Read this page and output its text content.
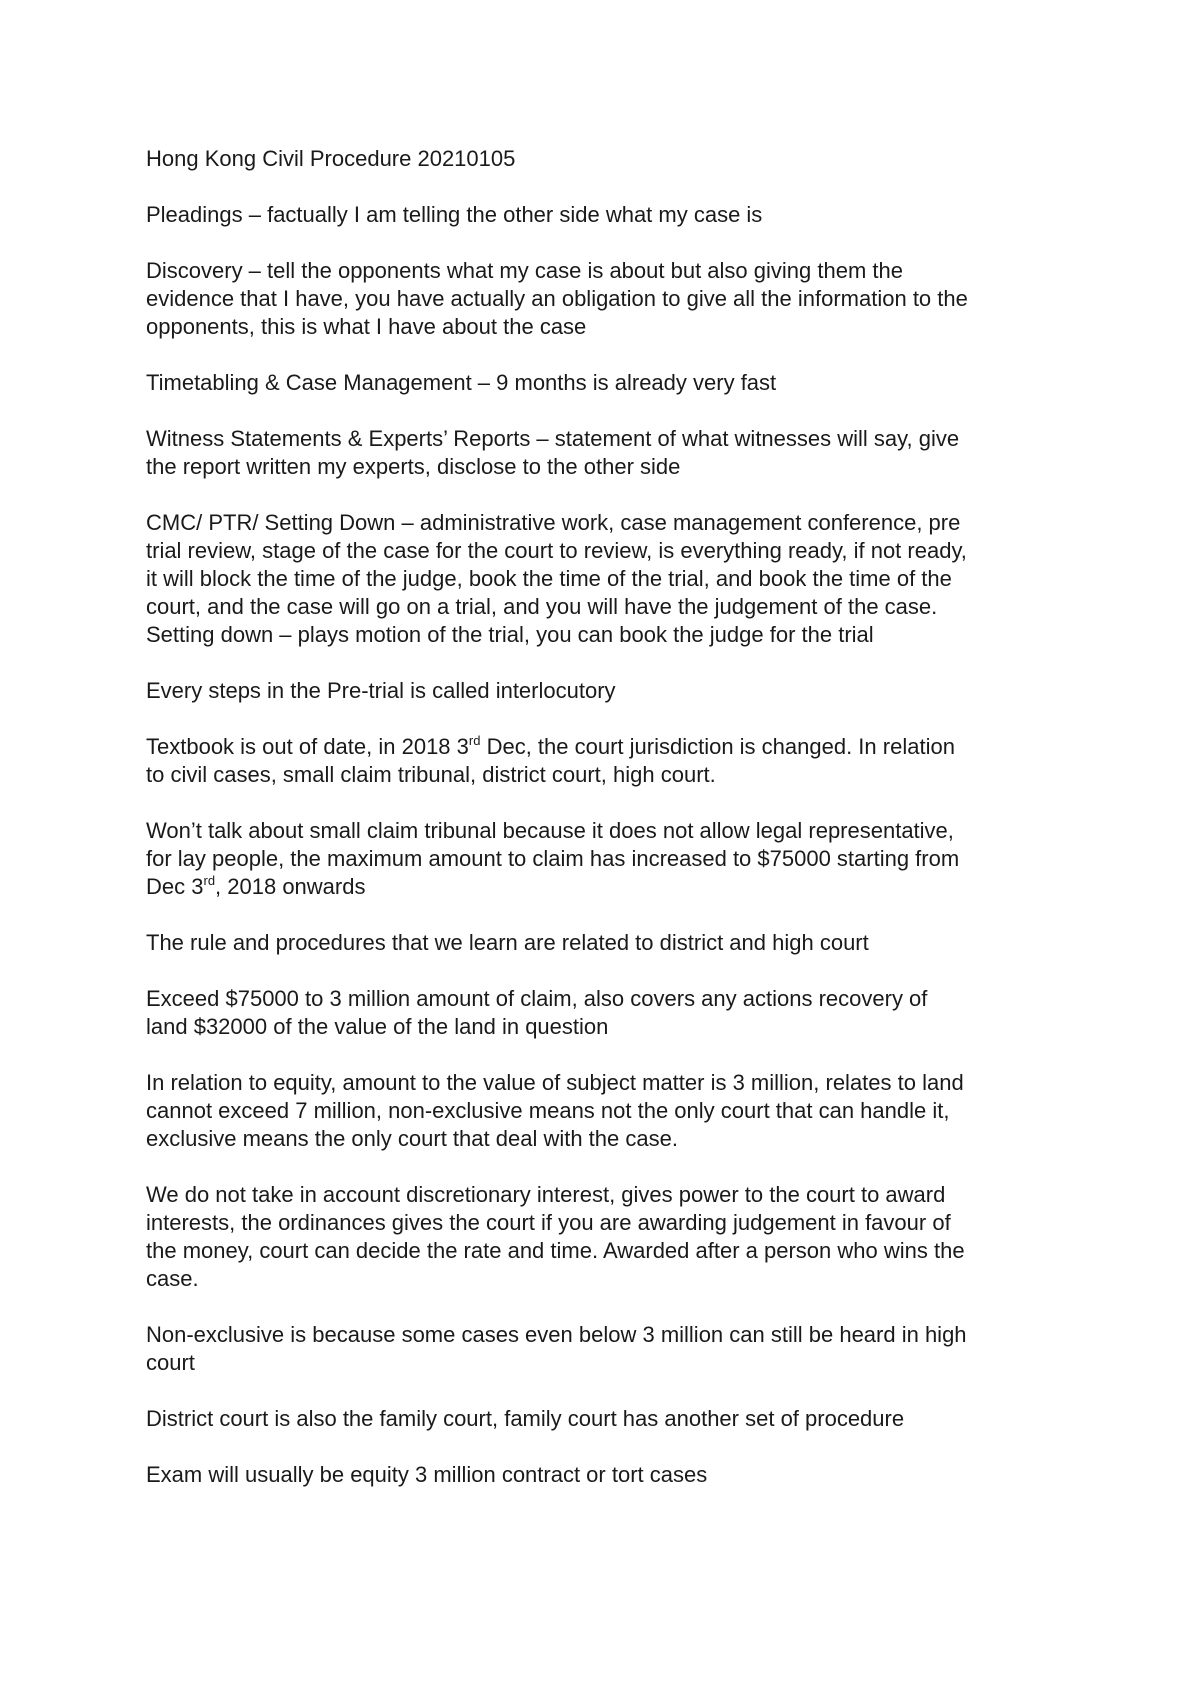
Hong Kong Civil Procedure 20210105

Pleadings – factually I am telling the other side what my case is

Discovery – tell the opponents what my case is about but also giving them the
evidence that I have, you have actually an obligation to give all the information to the
opponents, this is what I have about the case

Timetabling & Case Management – 9 months is already very fast

Witness Statements & Experts’ Reports – statement of what witnesses will say, give
the report written my experts, disclose to the other side

CMC/ PTR/ Setting Down – administrative work, case management conference, pre
trial review, stage of the case for the court to review, is everything ready, if not ready,
it will block the time of the judge, book the time of the trial, and book the time of the
court, and the case will go on a trial, and you will have the judgement of the case.
Setting down – plays motion of the trial, you can book the judge for the trial

Every steps in the Pre-trial is called interlocutory

Textbook is out of date, in 2018 3rd Dec, the court jurisdiction is changed. In relation
to civil cases, small claim tribunal, district court, high court.

Won’t talk about small claim tribunal because it does not allow legal representative,
for lay people, the maximum amount to claim has increased to $75000 starting from
Dec 3rd, 2018 onwards

The rule and procedures that we learn are related to district and high court

Exceed $75000 to 3 million amount of claim, also covers any actions recovery of
land $32000 of the value of the land in question

In relation to equity, amount to the value of subject matter is 3 million, relates to land
cannot exceed 7 million, non-exclusive means not the only court that can handle it,
exclusive means the only court that deal with the case.

We do not take in account discretionary interest, gives power to the court to award
interests, the ordinances gives the court if you are awarding judgement in favour of
the money, court can decide the rate and time. Awarded after a person who wins the
case.

Non-exclusive is because some cases even below 3 million can still be heard in high
court

District court is also the family court, family court has another set of procedure

Exam will usually be equity 3 million contract or tort cases
